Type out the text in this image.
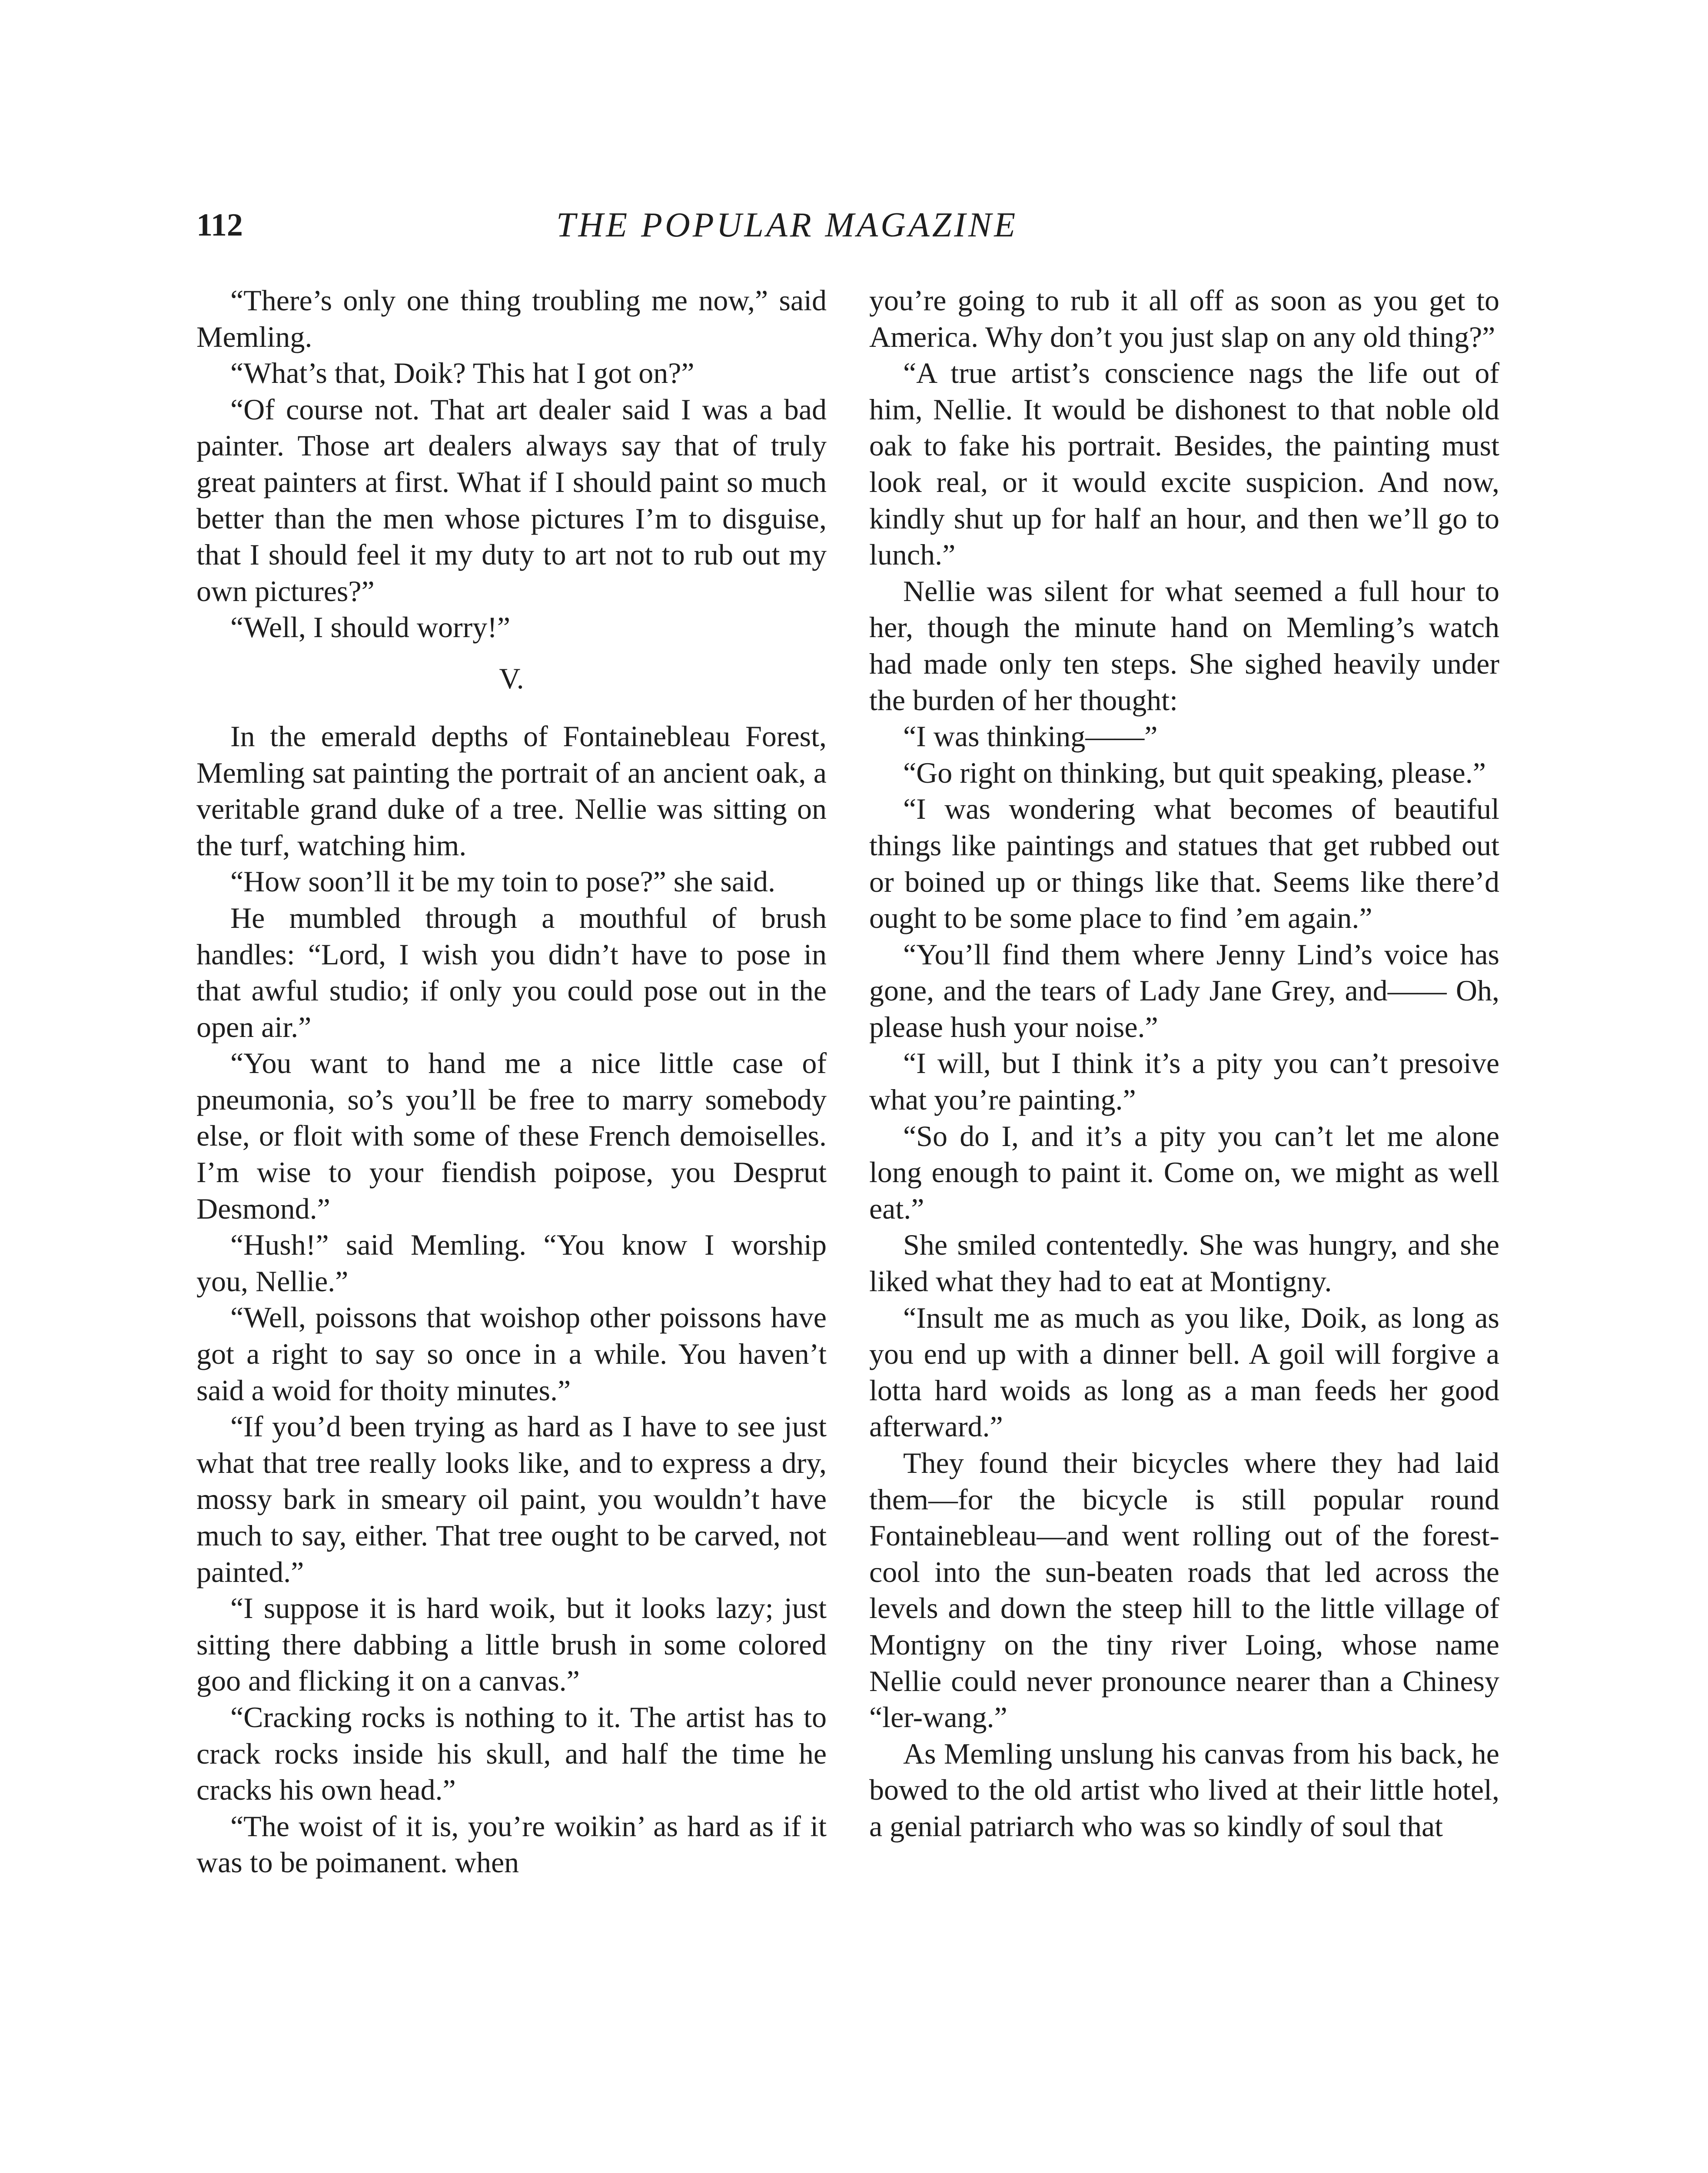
112	THE POPULAR MAGAZINE

“There’s only one thing troubling me now,” said Memling.

“What’s that, Doik? This hat I got on?”

“Of course not. That art dealer said I was a bad painter. Those art dealers always say that of truly great painters at first. What if I should paint so much better than the men whose pictures I’m to disguise, that I should feel it my duty to art not to rub out my own pictures?”

“Well, I should worry!”

V.

In the emerald depths of Fontainebleau Forest, Memling sat painting the portrait of an ancient oak, a veritable grand duke of a tree. Nellie was sitting on the turf, watching him.

“How soon’ll it be my toin to pose?” she said.

He mumbled through a mouthful of brush handles: “Lord, I wish you didn’t have to pose in that awful studio; if only you could pose out in the open air.”

“You want to hand me a nice little case of pneumonia, so’s you’ll be free to marry somebody else, or floit with some of these French demoiselles. I’m wise to your fiendish poipose, you Desprut Desmond.”

“Hush!” said Memling. “You know I worship you, Nellie.”

“Well, poissons that woishop other poissons have got a right to say so once in a while. You haven’t said a woid for thoity minutes.”

“If you’d been trying as hard as I have to see just what that tree really looks like, and to express a dry, mossy bark in smeary oil paint, you wouldn’t have much to say, either. That tree ought to be carved, not painted.”

“I suppose it is hard woik, but it looks lazy; just sitting there dabbing a little brush in some colored goo and flicking it on a canvas.”

“Cracking rocks is nothing to it. The artist has to crack rocks inside his skull, and half the time he cracks his own head.”

“The woist of it is, you’re woikin’ as hard as if it was to be poimanent. when

you’re going to rub it all off as soon as you get to America. Why don’t you just slap on any old thing?”

“A true artist’s conscience nags the life out of him, Nellie. It would be dishonest to that noble old oak to fake his portrait. Besides, the painting must look real, or it would excite suspicion. And now, kindly shut up for half an hour, and then we’ll go to lunch.”

Nellie was silent for what seemed a full hour to her, though the minute hand on Memling’s watch had made only ten steps. She sighed heavily under the burden of her thought:

“I was thinking——”

“Go right on thinking, but quit speaking, please.”

“I was wondering what becomes of beautiful things like paintings and statues that get rubbed out or boined up or things like that. Seems like there’d ought to be some place to find ’em again.”

“You’ll find them where Jenny Lind’s voice has gone, and the tears of Lady Jane Grey, and—— Oh, please hush your noise.”

“I will, but I think it’s a pity you can’t presoive what you’re painting.”

“So do I, and it’s a pity you can’t let me alone long enough to paint it. Come on, we might as well eat.”

She smiled contentedly. She was hungry, and she liked what they had to eat at Montigny.

“Insult me as much as you like, Doik, as long as you end up with a dinner bell. A goil will forgive a lotta hard woids as long as a man feeds her good afterward.”

They found their bicycles where they had laid them—for the bicycle is still popular round Fontainebleau—and went rolling out of the forest-cool into the sun-beaten roads that led across the levels and down the steep hill to the little village of Montigny on the tiny river Loing, whose name Nellie could never pronounce nearer than a Chinesy “ler-wang.”

As Memling unslung his canvas from his back, he bowed to the old artist who lived at their little hotel, a genial patriarch who was so kindly of soul that
